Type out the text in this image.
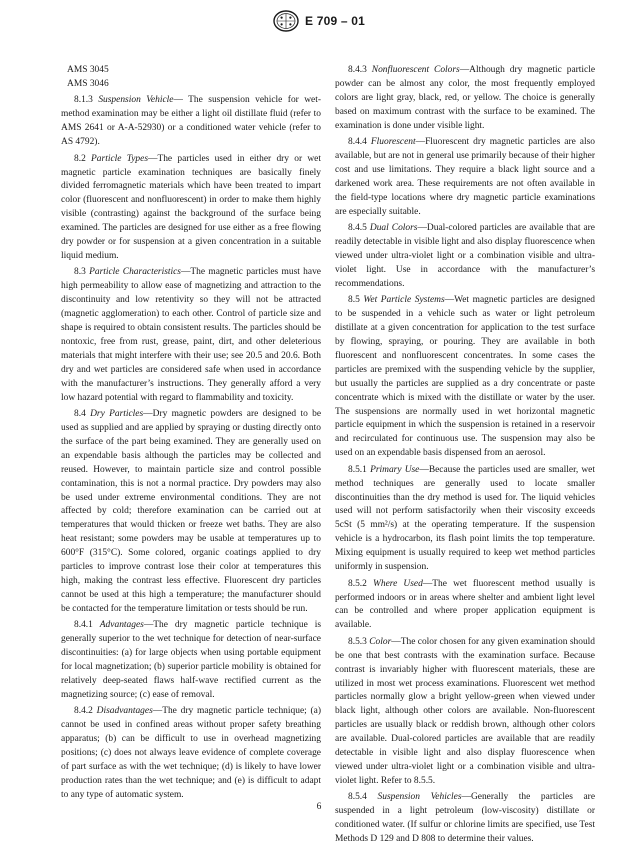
E 709 – 01

AMS 3045

AMS 3046

8.1.3 Suspension Vehicle— The suspension vehicle for wet-method examination may be either a light oil distillate fluid (refer to AMS 2641 or A-A-52930) or a conditioned water vehicle (refer to AS 4792).

8.2 Particle Types—The particles used in either dry or wet magnetic particle examination techniques are basically finely divided ferromagnetic materials which have been treated to impart color (fluorescent and nonfluorescent) in order to make them highly visible (contrasting) against the background of the surface being examined. The particles are designed for use either as a free flowing dry powder or for suspension at a given concentration in a suitable liquid medium.

8.3 Particle Characteristics—The magnetic particles must have high permeability to allow ease of magnetizing and attraction to the discontinuity and low retentivity so they will not be attracted (magnetic agglomeration) to each other. Control of particle size and shape is required to obtain consistent results. The particles should be nontoxic, free from rust, grease, paint, dirt, and other deleterious materials that might interfere with their use; see 20.5 and 20.6. Both dry and wet particles are considered safe when used in accordance with the manufacturer’s instructions. They generally afford a very low hazard potential with regard to flammability and toxicity.

8.4 Dry Particles—Dry magnetic powders are designed to be used as supplied and are applied by spraying or dusting directly onto the surface of the part being examined. They are generally used on an expendable basis although the particles may be collected and reused. However, to maintain particle size and control possible contamination, this is not a normal practice. Dry powders may also be used under extreme environmental conditions. They are not affected by cold; therefore examination can be carried out at temperatures that would thicken or freeze wet baths. They are also heat resistant; some powders may be usable at temperatures up to 600°F (315°C). Some colored, organic coatings applied to dry particles to improve contrast lose their color at temperatures this high, making the contrast less effective. Fluorescent dry particles cannot be used at this high a temperature; the manufacturer should be contacted for the temperature limitation or tests should be run.

8.4.1 Advantages—The dry magnetic particle technique is generally superior to the wet technique for detection of near-surface discontinuities: (a) for large objects when using portable equipment for local magnetization; (b) superior particle mobility is obtained for relatively deep-seated flaws half-wave rectified current as the magnetizing source; (c) ease of removal.

8.4.2 Disadvantages—The dry magnetic particle technique; (a) cannot be used in confined areas without proper safety breathing apparatus; (b) can be difficult to use in overhead magnetizing positions; (c) does not always leave evidence of complete coverage of part surface as with the wet technique; (d) is likely to have lower production rates than the wet technique; and (e) is difficult to adapt to any type of automatic system.

8.4.3 Nonfluorescent Colors—Although dry magnetic particle powder can be almost any color, the most frequently employed colors are light gray, black, red, or yellow. The choice is generally based on maximum contrast with the surface to be examined. The examination is done under visible light.

8.4.4 Fluorescent—Fluorescent dry magnetic particles are also available, but are not in general use primarily because of their higher cost and use limitations. They require a black light source and a darkened work area. These requirements are not often available in the field-type locations where dry magnetic particle examinations are especially suitable.

8.4.5 Dual Colors—Dual-colored particles are available that are readily detectable in visible light and also display fluorescence when viewed under ultra-violet light or a combination visible and ultra-violet light. Use in accordance with the manufacturer’s recommendations.

8.5 Wet Particle Systems—Wet magnetic particles are designed to be suspended in a vehicle such as water or light petroleum distillate at a given concentration for application to the test surface by flowing, spraying, or pouring. They are available in both fluorescent and nonfluorescent concentrates. In some cases the particles are premixed with the suspending vehicle by the supplier, but usually the particles are supplied as a dry concentrate or paste concentrate which is mixed with the distillate or water by the user. The suspensions are normally used in wet horizontal magnetic particle equipment in which the suspension is retained in a reservoir and recirculated for continuous use. The suspension may also be used on an expendable basis dispensed from an aerosol.

8.5.1 Primary Use—Because the particles used are smaller, wet method techniques are generally used to locate smaller discontinuities than the dry method is used for. The liquid vehicles used will not perform satisfactorily when their viscosity exceeds 5cSt (5 mm²/s) at the operating temperature. If the suspension vehicle is a hydrocarbon, its flash point limits the top temperature. Mixing equipment is usually required to keep wet method particles uniformly in suspension.

8.5.2 Where Used—The wet fluorescent method usually is performed indoors or in areas where shelter and ambient light level can be controlled and where proper application equipment is available.

8.5.3 Color—The color chosen for any given examination should be one that best contrasts with the examination surface. Because contrast is invariably higher with fluorescent materials, these are utilized in most wet process examinations. Fluorescent wet method particles normally glow a bright yellow-green when viewed under black light, although other colors are available. Non-fluorescent particles are usually black or reddish brown, although other colors are available. Dual-colored particles are available that are readily detectable in visible light and also display fluorescence when viewed under ultra-violet light or a combination visible and ultra-violet light. Refer to 8.5.5.

8.5.4 Suspension Vehicles—Generally the particles are suspended in a light petroleum (low-viscosity) distillate or conditioned water. (If sulfur or chlorine limits are specified, use Test Methods D 129 and D 808 to determine their values.

6
